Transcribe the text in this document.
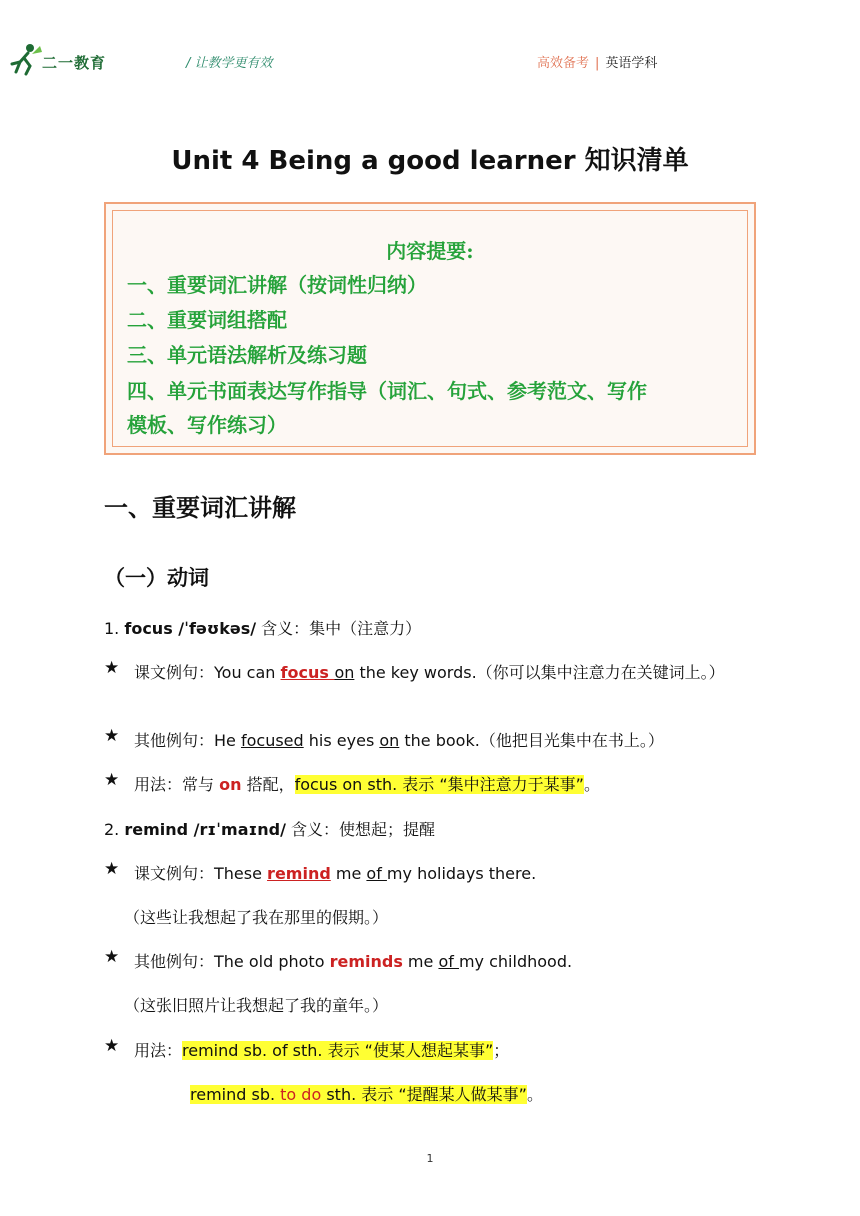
二一教育	/ 让教学更有效	高效备考 | 英语学科
Unit 4 Being a good learner 知识清单
内容提要:
一、重要词汇讲解（按词性归纳）
二、重要词组搭配
三、单元语法解析及练习题
四、单元书面表达写作指导（词汇、句式、参考范文、写作
模板、写作练习）
一、重要词汇讲解
（一）动词
1. focus /ˈfəʊkəs/ 含义：集中（注意力）
★ 课文例句：You can focus on the key words.（你可以集中注意力在关键词上。）
★ 其他例句：He focused his eyes on the book.（他把目光集中在书上。）
★ 用法：常与 on 搭配，focus on sth. 表示 “集中注意力于某事”。
2. remind /rɪˈmaɪnd/ 含义：使想起；提醒
★ 课文例句：These remind me of my holidays there.
（这些让我想起了我在那里的假期。）
★ 其他例句：The old photo reminds me of my childhood.
（这张旧照片让我想起了我的童年。）
★ 用法：remind sb. of sth. 表示 “使某人想起某事”；
remind sb. to do sth. 表示 “提醒某人做某事”。
1
